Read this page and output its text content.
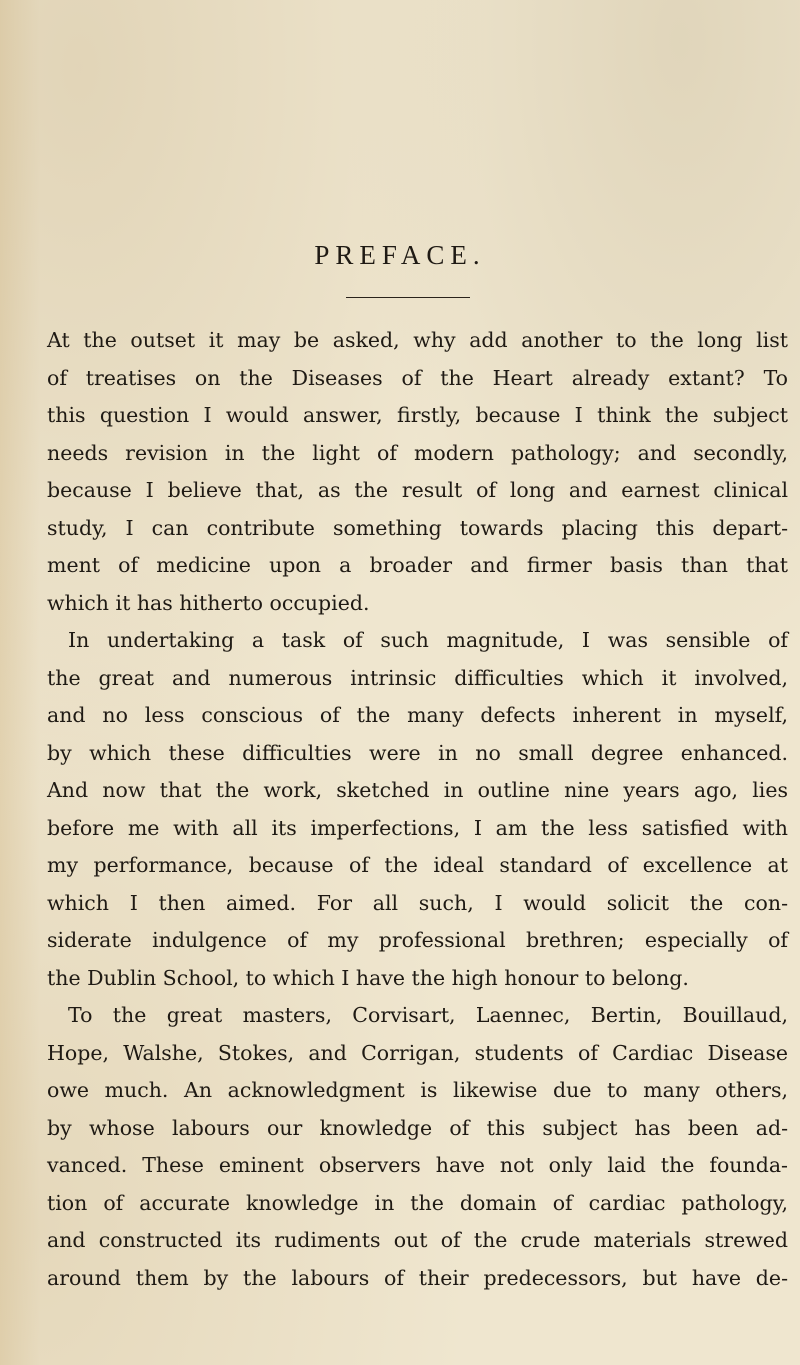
PREFACE.
At the outset it may be asked, why add another to the long list
of treatises on the Diseases of the Heart already extant? To
this question I would answer, firstly, because I think the subject
needs revision in the light of modern pathology; and secondly,
because I believe that, as the result of long and earnest clinical
study, I can contribute something towards placing this depart-
ment of medicine upon a broader and firmer basis than that
which it has hitherto occupied.
In undertaking a task of such magnitude, I was sensible of
the great and numerous intrinsic difficulties which it involved,
and no less conscious of the many defects inherent in myself,
by which these difficulties were in no small degree enhanced.
And now that the work, sketched in outline nine years ago, lies
before me with all its imperfections, I am the less satisfied with
my performance, because of the ideal standard of excellence at
which I then aimed. For all such, I would solicit the con-
siderate indulgence of my professional brethren; especially of
the Dublin School, to which I have the high honour to belong.
To the great masters, Corvisart, Laennec, Bertin, Bouillaud,
Hope, Walshe, Stokes, and Corrigan, students of Cardiac Disease
owe much. An acknowledgment is likewise due to many others,
by whose labours our knowledge of this subject has been ad-
vanced. These eminent observers have not only laid the founda-
tion of accurate knowledge in the domain of cardiac pathology,
and constructed its rudiments out of the crude materials strewed
around them by the labours of their predecessors, but have de-
